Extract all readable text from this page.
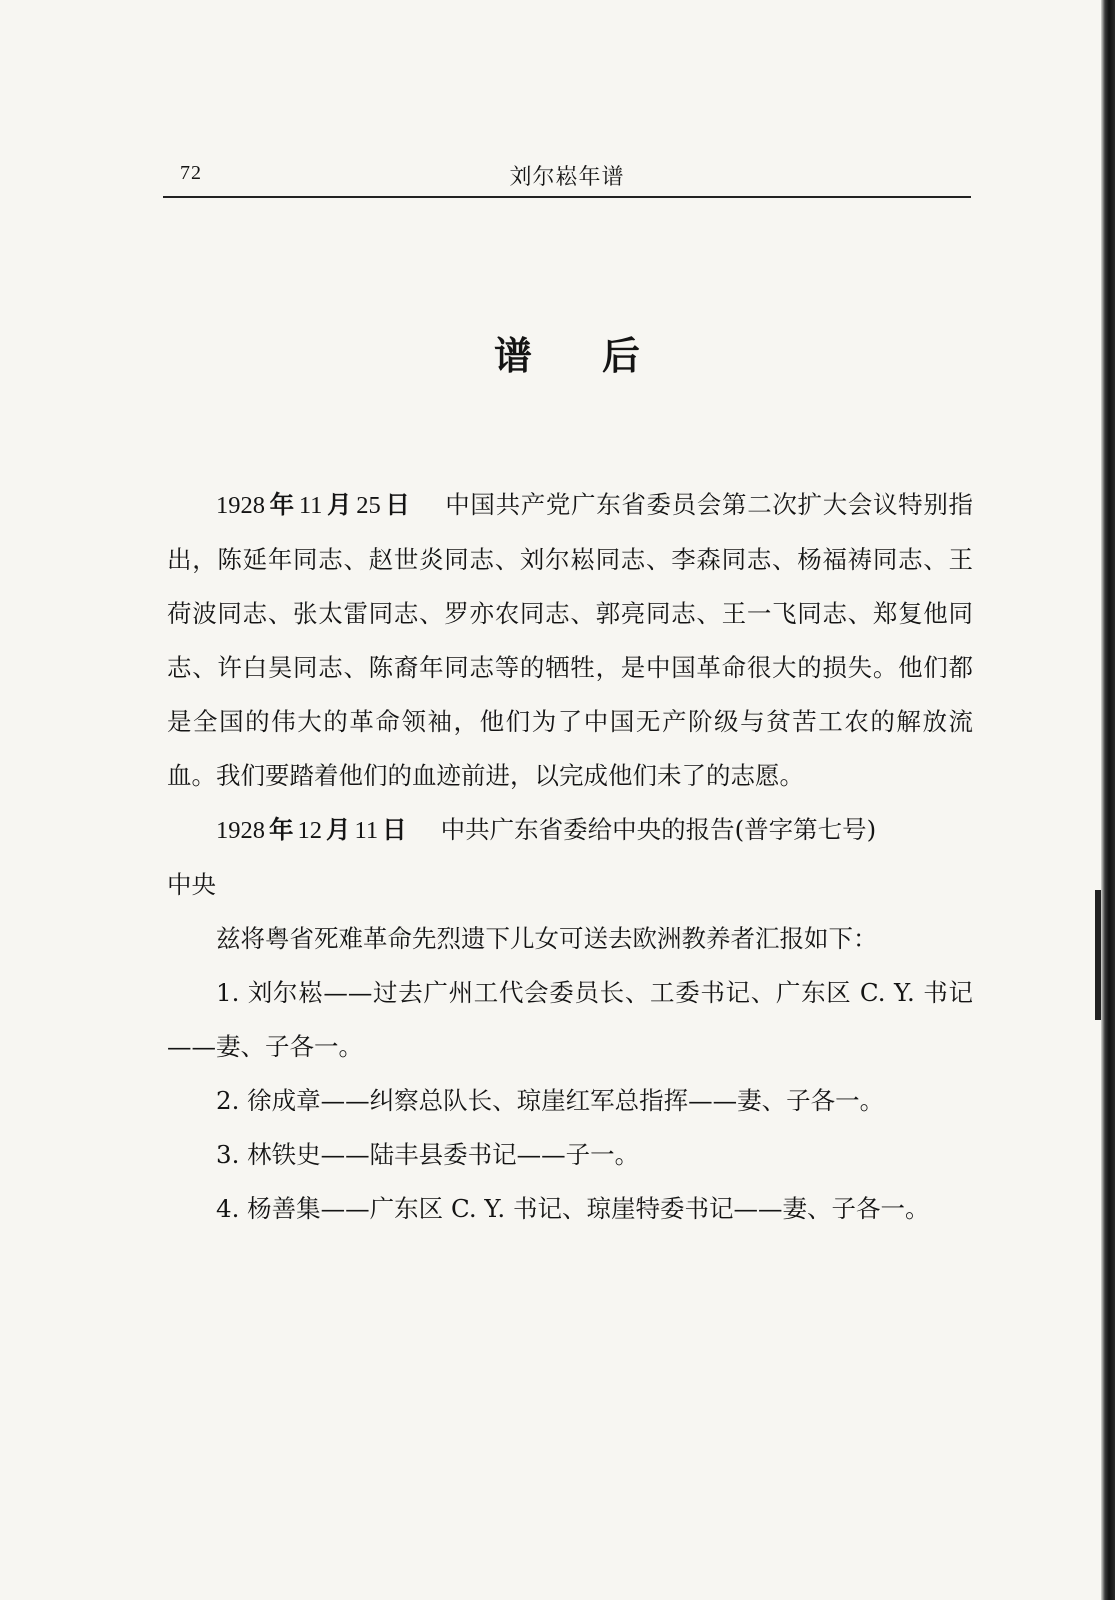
72	刘尔崧年谱
谱后

1928 年 11 月 25 日 中国共产党广东省委员会第二次扩大会议特别指出，陈延年同志、赵世炎同志、刘尔崧同志、李森同志、杨福祷同志、王荷波同志、张太雷同志、罗亦农同志、郭亮同志、王一飞同志、郑复他同志、许白昊同志、陈裔年同志等的牺牲，是中国革命很大的损失。他们都是全国的伟大的革命领袖，他们为了中国无产阶级与贫苦工农的解放流血。我们要踏着他们的血迹前进，以完成他们未了的志愿。

1928 年 12 月 11 日 中共广东省委给中央的报告(普字第七号)

中央

兹将粤省死难革命先烈遗下儿女可送去欧洲教养者汇报如下：

1. 刘尔崧——过去广州工代会委员长、工委书记、广东区 C. Y. 书记——妻、子各一。

2. 徐成章——纠察总队长、琼崖红军总指挥——妻、子各一。

3. 林铁史——陆丰县委书记——子一。

4. 杨善集——广东区 C. Y. 书记、琼崖特委书记——妻、子各一。
